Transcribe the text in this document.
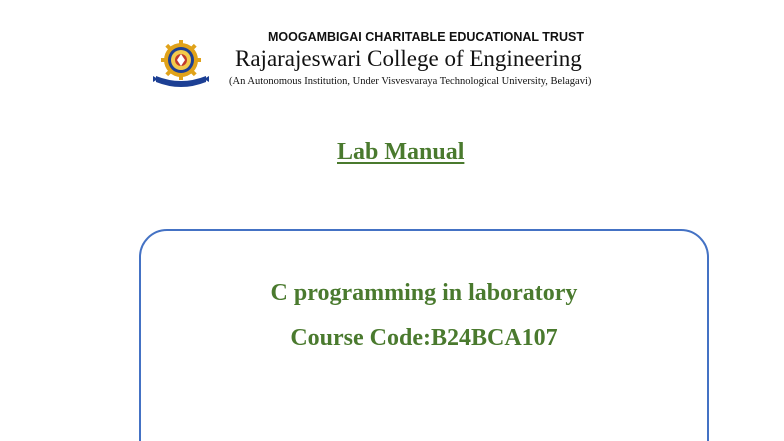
MOOGAMBIGAI CHARITABLE EDUCATIONAL TRUST
Rajarajeswari College of Engineering
(An Autonomous Institution, Under Visvesvaraya Technological University, Belagavi)
Lab Manual
C programming in laboratory
Course Code:B24BCA107
